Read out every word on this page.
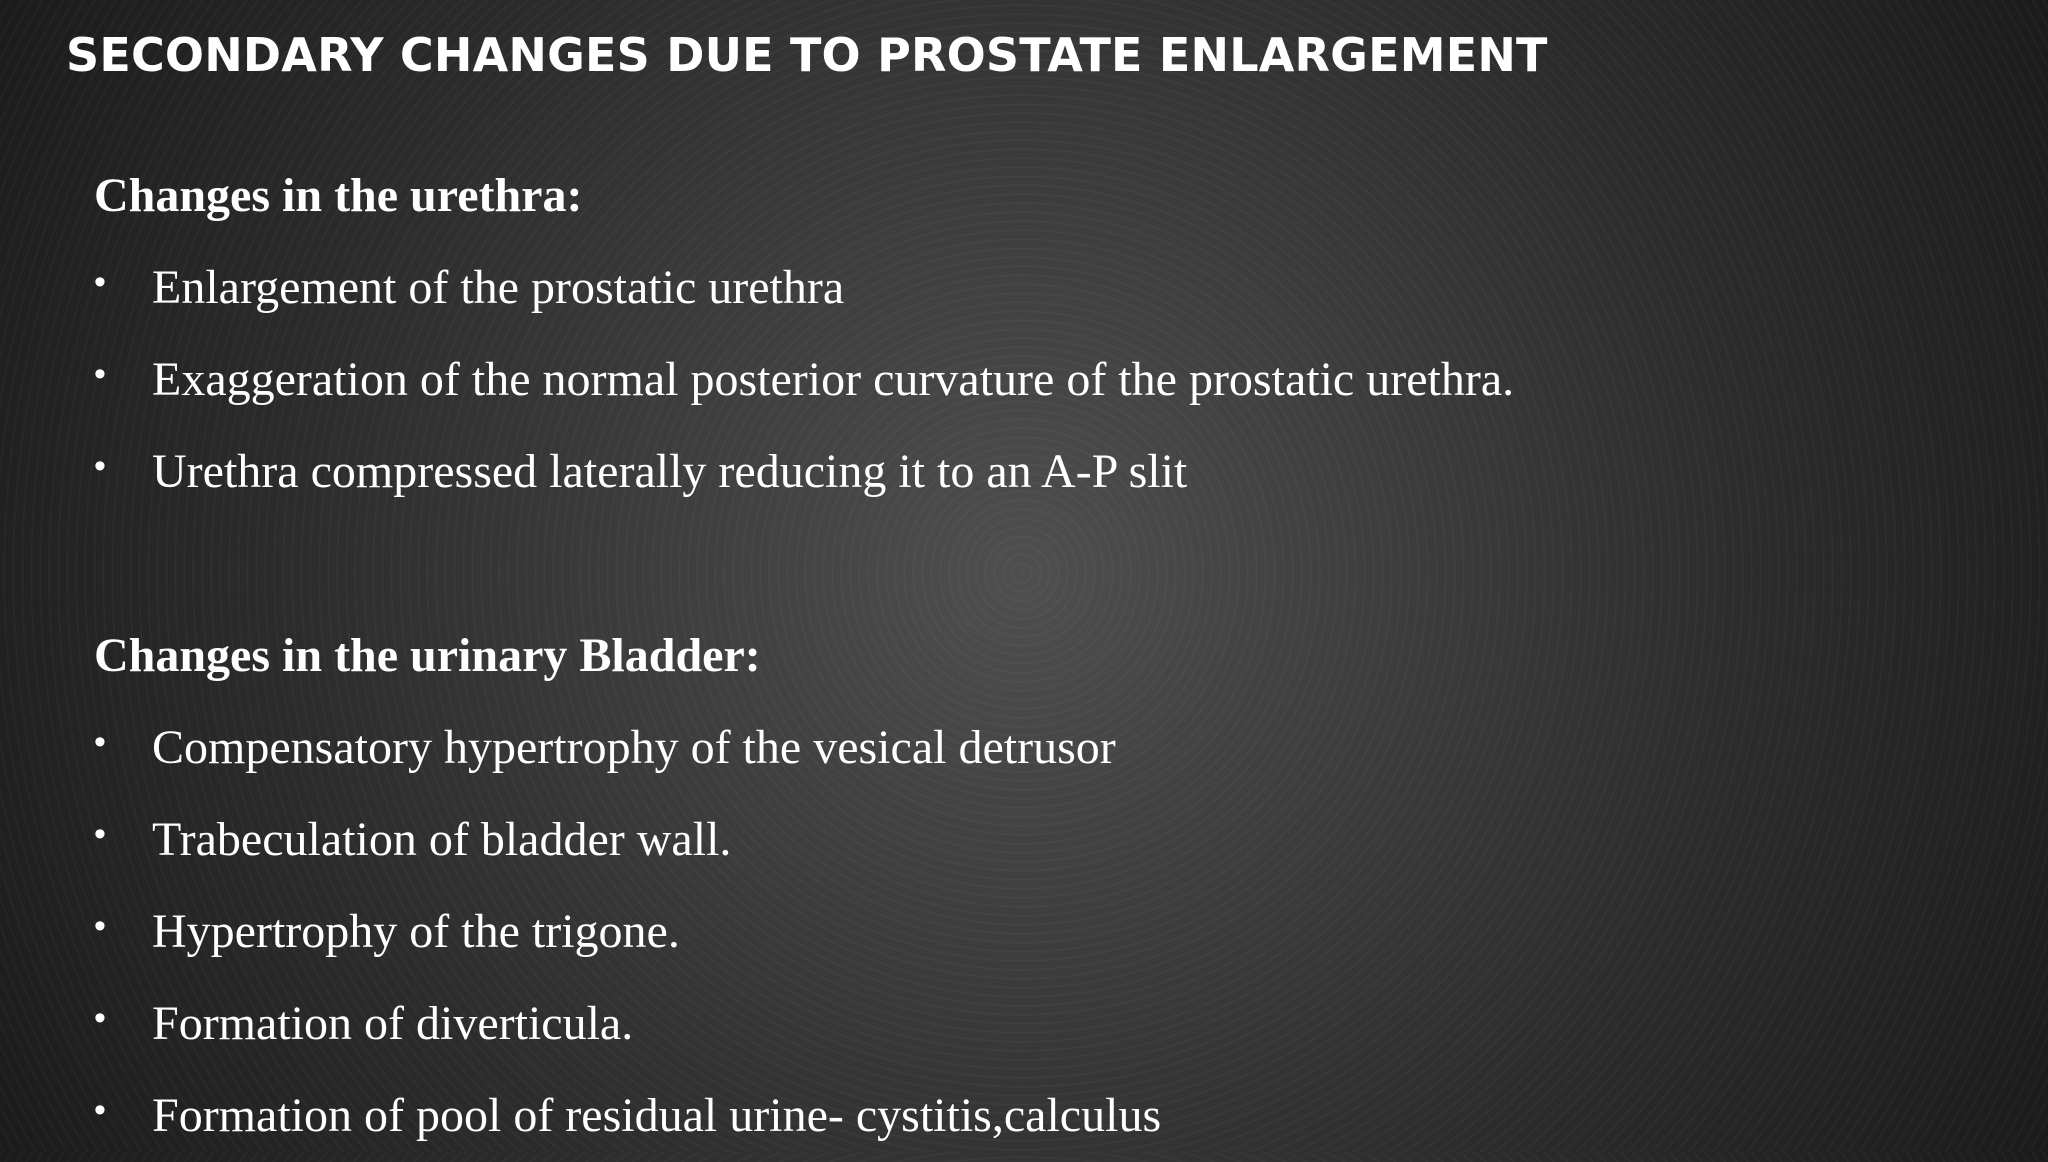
SECONDARY CHANGES DUE TO PROSTATE ENLARGEMENT

Changes in the urethra:

• Enlargement of the prostatic urethra
• Exaggeration of the normal posterior curvature of the prostatic urethra.
• Urethra compressed laterally reducing it to an A-P slit

Changes in the urinary Bladder:

• Compensatory hypertrophy of the vesical detrusor
• Trabeculation of bladder wall.
• Hypertrophy of the trigone.
• Formation of diverticula.
• Formation of pool of residual urine- cystitis,calculus
